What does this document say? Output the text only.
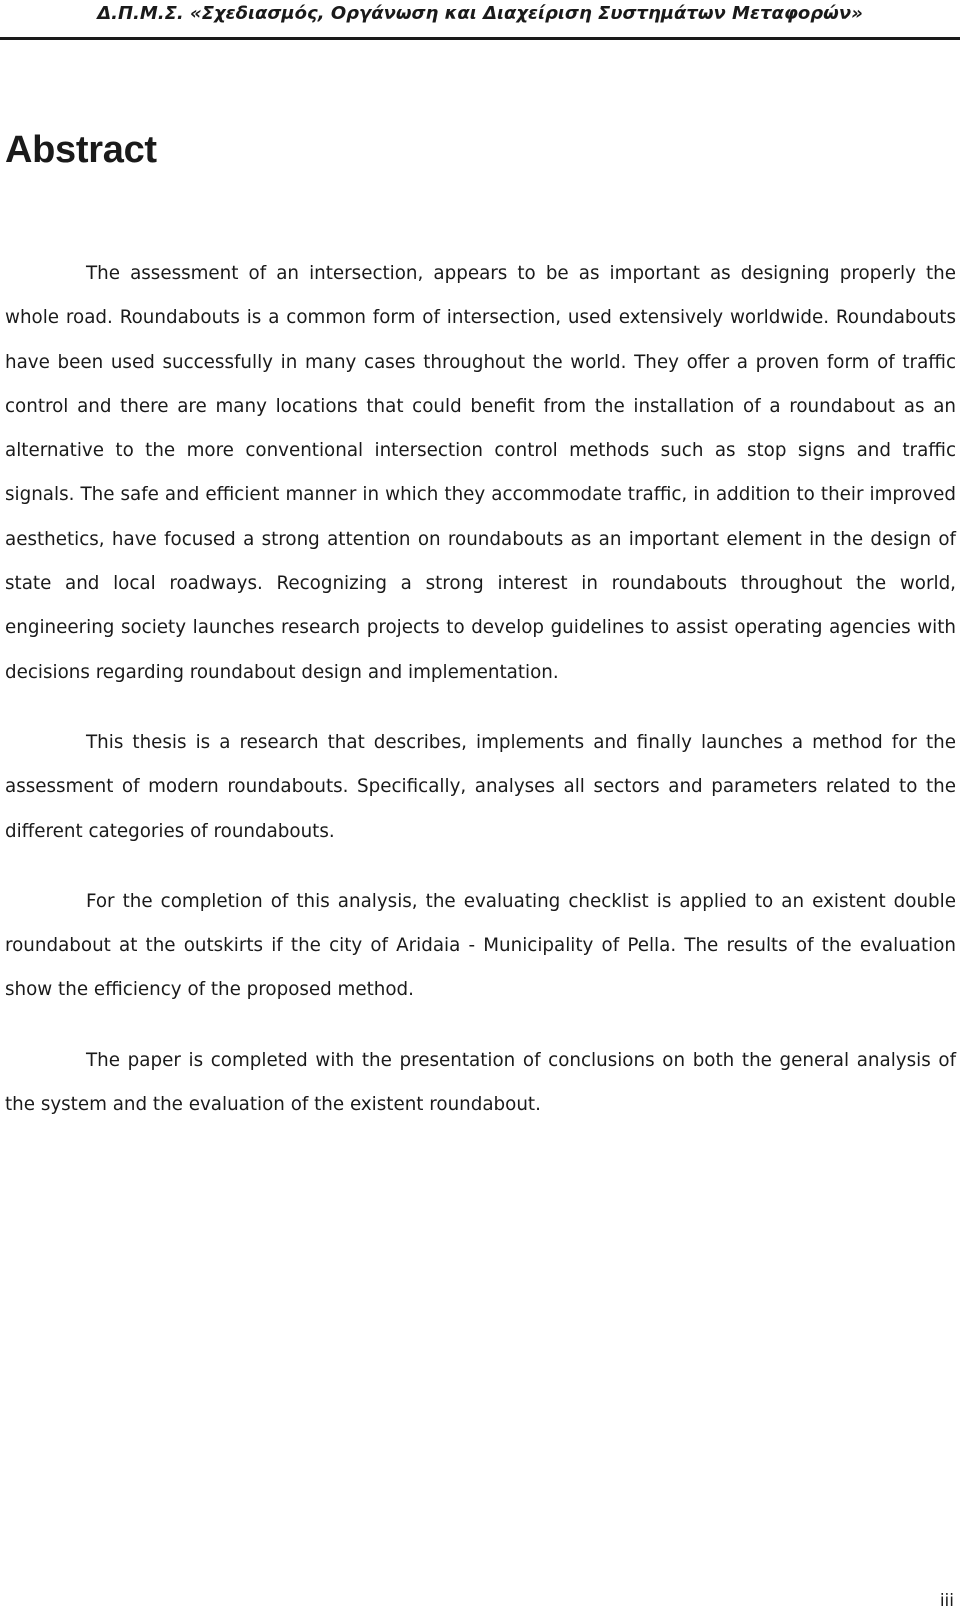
Δ.Π.Μ.Σ. «Σχεδιασμός, Οργάνωση και Διαχείριση Συστημάτων Μεταφορών»
Abstract

The assessment of an intersection, appears to be as important as designing properly the whole road. Roundabouts is a common form of intersection, used extensively worldwide. Roundabouts have been used successfully in many cases throughout the world. They offer a proven form of traffic control and there are many locations that could benefit from the installation of a roundabout as an alternative to the more conventional intersection control methods such as stop signs and traffic signals. The safe and efficient manner in which they accommodate traffic, in addition to their improved aesthetics, have focused a strong attention on roundabouts as an important element in the design of state and local roadways. Recognizing a strong interest in roundabouts throughout the world, engineering society launches research projects to develop guidelines to assist operating agencies with decisions regarding roundabout design and implementation.

This thesis is a research that describes, implements and finally launches a method for the assessment of modern roundabouts. Specifically, analyses all sectors and parameters related to the different categories of roundabouts.

For the completion of this analysis, the evaluating checklist is applied to an existent double roundabout at the outskirts if the city of Aridaia - Municipality of Pella. The results of the evaluation show the efficiency of the proposed method.

The paper is completed with the presentation of conclusions on both the general analysis of the system and the evaluation of the existent roundabout.

iii
